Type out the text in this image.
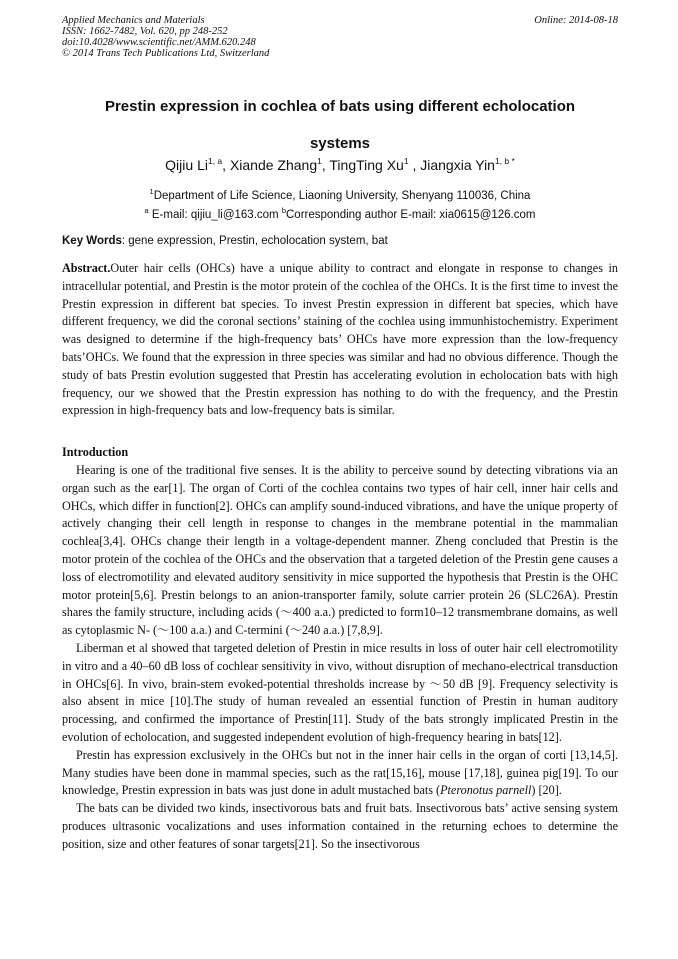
Applied Mechanics and Materials
ISSN: 1662-7482, Vol. 620, pp 248-252
doi:10.4028/www.scientific.net/AMM.620.248
© 2014 Trans Tech Publications Ltd, Switzerland
Online: 2014-08-18
Prestin expression in cochlea of bats using different echolocation
systems
Qijiu Li$^{1, a}$, Xiande Zhang$^1$, TingTing Xu$^1$ , Jiangxia Yin$^{1, b *}$
$^1$Department of Life Science, Liaoning University, Shenyang 110036, China
$^a$ E-mail: qijiu_li@163.com $^b$Corresponding author E-mail: xia0615@126.com
Key Words: gene expression, Prestin, echolocation system, bat
Abstract.Outer hair cells (OHCs) have a unique ability to contract and elongate in response to changes in intracellular potential, and Prestin is the motor protein of the cochlea of the OHCs. It is the first time to invest the Prestin expression in different bat species. To invest Prestin expression in different bat species, which have different frequency, we did the coronal sections’ staining of the cochlea using immunhistochemistry. Experiment was designed to determine if the high-frequency bats’ OHCs have more expression than the low-frequency bats’OHCs. We found that the expression in three species was similar and had no obvious difference. Though the study of bats Prestin evolution suggested that Prestin has accelerating evolution in echolocation bats with high frequency, our we showed that the Prestin expression has nothing to do with the frequency, and the Prestin expression in high-frequency bats and low-frequency bats is similar.
Introduction

Hearing is one of the traditional five senses. It is the ability to perceive sound by detecting vibrations via an organ such as the ear[1]. The organ of Corti of the cochlea contains two types of hair cell, inner hair cells and OHCs, which differ in function[2]. OHCs can amplify sound-induced vibrations, and have the unique property of actively changing their cell length in response to changes in the membrane potential in the mammalian cochlea[3,4]. OHCs change their length in a voltage-dependent manner. Zheng concluded that Prestin is the motor protein of the cochlea of the OHCs and the observation that a targeted deletion of the Prestin gene causes a loss of electromotility and elevated auditory sensitivity in mice supported the hypothesis that Prestin is the OHC motor protein[5,6]. Prestin belongs to an anion-transporter family, solute carrier protein 26 (SLC26A). Prestin shares the family structure, including acids (～400 a.a.) predicted to form10–12 transmembrane domains, as well as cytoplasmic N- (～100 a.a.) and C-termini (～240 a.a.) [7,8,9].

Liberman et al showed that targeted deletion of Prestin in mice results in loss of outer hair cell electromotility in vitro and a 40–60 dB loss of cochlear sensitivity in vivo, without disruption of mechano-electrical transduction in OHCs[6]. In vivo, brain-stem evoked-potential thresholds increase by ～50 dB [9]. Frequency selectivity is also absent in mice [10].The study of human revealed an essential function of Prestin in human auditory processing, and confirmed the importance of Prestin[11]. Study of the bats strongly implicated Prestin in the evolution of echolocation, and suggested independent evolution of high-frequency hearing in bats[12].

Prestin has expression exclusively in the OHCs but not in the inner hair cells in the organ of corti [13,14,5]. Many studies have been done in mammal species, such as the rat[15,16], mouse [17,18], guinea pig[19]. To our knowledge, Prestin expression in bats was just done in adult mustached bats (Pteronotus parnell) [20].

The bats can be divided two kinds, insectivorous bats and fruit bats. Insectivorous bats’ active sensing system produces ultrasonic vocalizations and uses information contained in the returning echoes to determine the position, size and other features of sonar targets[21]. So the insectivorous
